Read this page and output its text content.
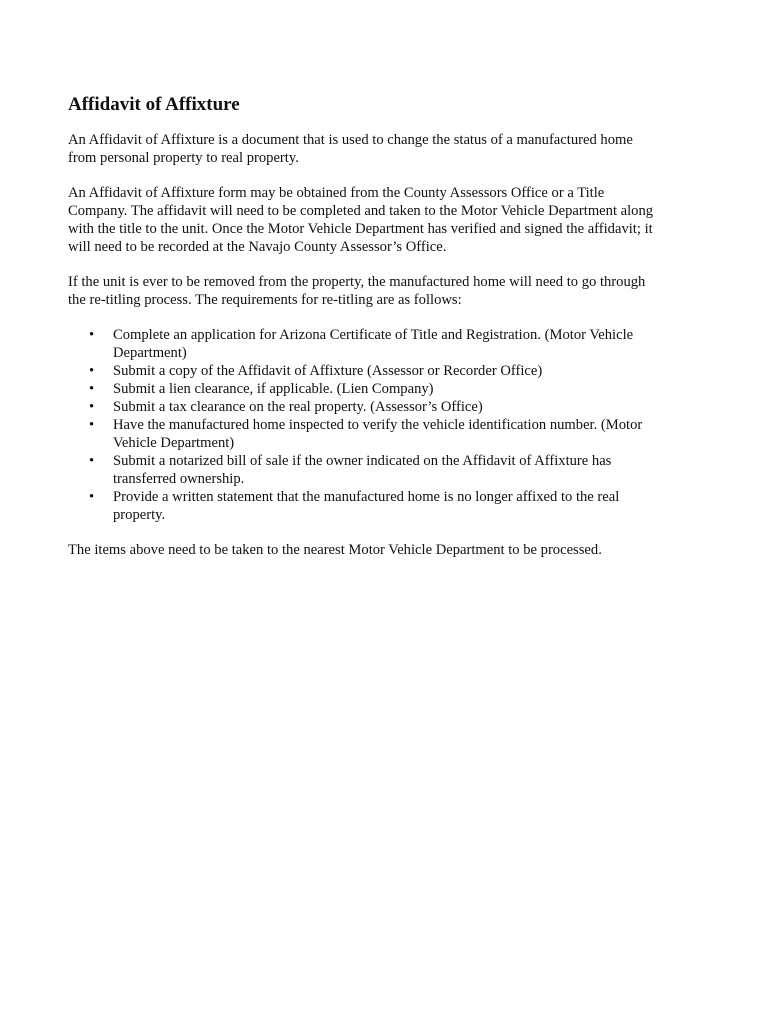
Affidavit of Affixture

An Affidavit of Affixture is a document that is used to change the status of a manufactured home from personal property to real property.

An Affidavit of Affixture form may be obtained from the County Assessors Office or a Title Company. The affidavit will need to be completed and taken to the Motor Vehicle Department along with the title to the unit. Once the Motor Vehicle Department has verified and signed the affidavit; it will need to be recorded at the Navajo County Assessor’s Office.

If the unit is ever to be removed from the property, the manufactured home will need to go through the re-titling process. The requirements for re-titling are as follows:

• Complete an application for Arizona Certificate of Title and Registration. (Motor Vehicle Department)
• Submit a copy of the Affidavit of Affixture (Assessor or Recorder Office)
• Submit a lien clearance, if applicable. (Lien Company)
• Submit a tax clearance on the real property. (Assessor’s Office)
• Have the manufactured home inspected to verify the vehicle identification number. (Motor Vehicle Department)
• Submit a notarized bill of sale if the owner indicated on the Affidavit of Affixture has transferred ownership.
• Provide a written statement that the manufactured home is no longer affixed to the real property.

The items above need to be taken to the nearest Motor Vehicle Department to be processed.
